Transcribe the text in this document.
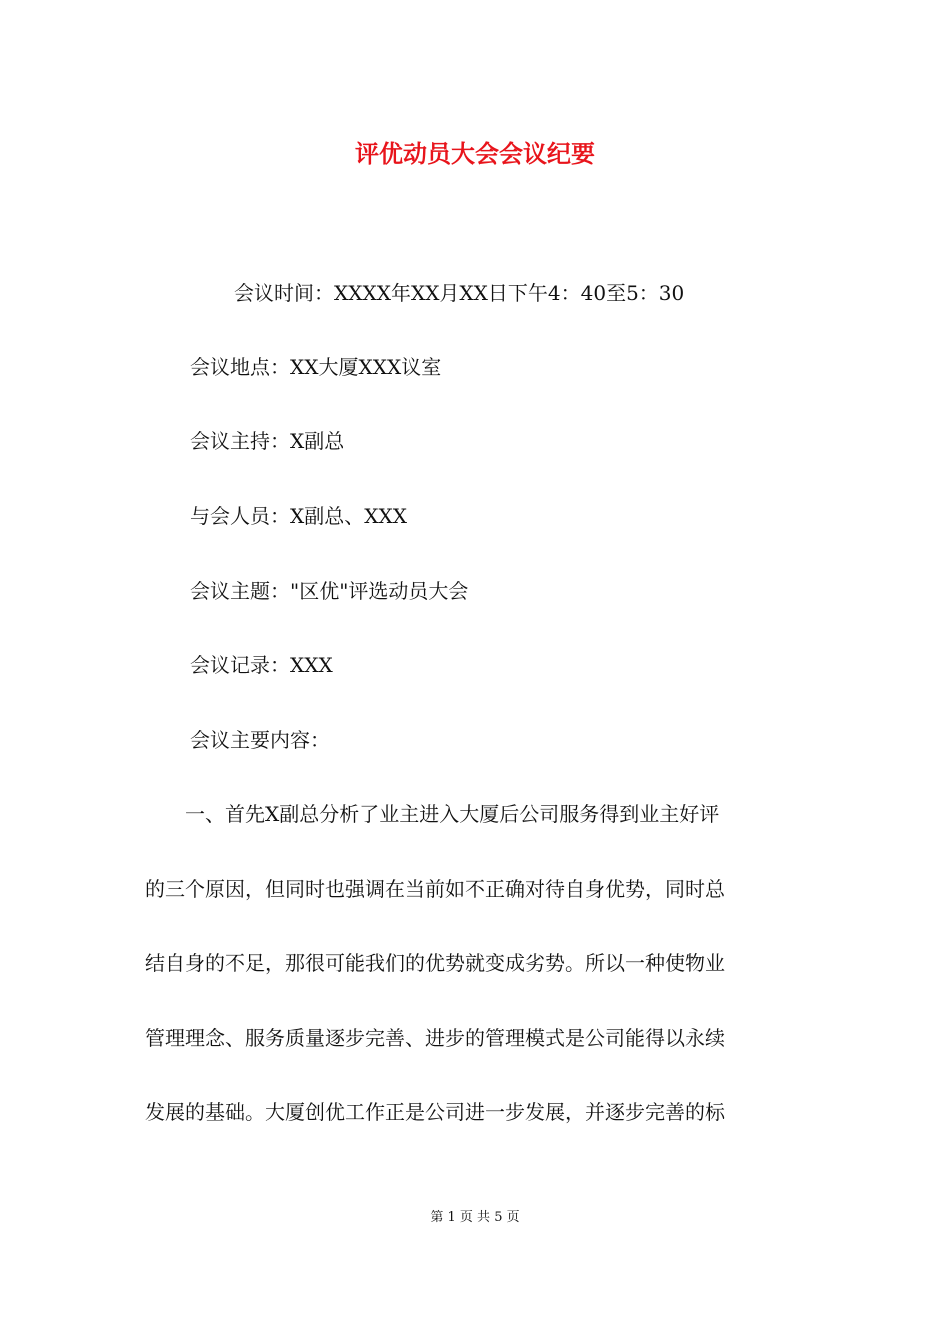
评优动员大会会议纪要
会议时间：XXXX年XX月XX日下午4：40至5：30
会议地点：XX大厦XXX议室
会议主持：X副总
与会人员：X副总、XXX
会议主题："区优"评选动员大会
会议记录：XXX
会议主要内容：
　　一、首先X副总分析了业主进入大厦后公司服务得到业主好评
的三个原因，但同时也强调在当前如不正确对待自身优势，同时总
结自身的不足，那很可能我们的优势就变成劣势。所以一种使物业
管理理念、服务质量逐步完善、进步的管理模式是公司能得以永续
发展的基础。大厦创优工作正是公司进一步发展，并逐步完善的标
第 1 页 共 5 页
